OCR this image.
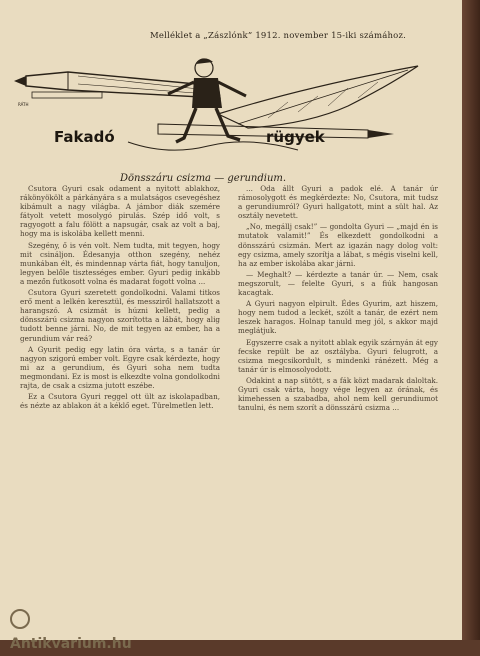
Melléklet a „Zászlónk” 1912. november 15-iki számához.
RÁTH
Fakadó	rügyek
Dönsszáru csizma — gerundium.

Csutora Gyuri csak odament a nyitott ablakhoz, rákönyökölt a párkányára s a mulatságos csevegéshez kibámult a nagy világba. A jámbor diák szemére fátyolt vetett mosolygó pirulás. Szép idő volt, s ragyogott a falu fölött a napsugár, csak az volt a baj, hogy ma is iskolába kellett menni.

Szegény, ő is vén volt. Nem tudta, mit tegyen, hogy mit csináljon. Édesanyja otthon szegény, nehéz munkában élt, és mindennap várta fiát, hogy tanuljon, legyen belőle tisztességes ember. Gyuri pedig inkább a mezőn futkosott volna és madarat fogott volna ...

Csutora Gyuri szeretett gondolkodni. Valami titkos erő ment a lelkén keresztül, és messziről hallatszott a harangszó. A csizmát is húzni kellett, pedig a dönsszárú csizma nagyon szorította a lábát, hogy alig tudott benne járni. No, de mit tegyen az ember, ha a gerundium vár reá?

A Gyurit pedig egy latin óra várta, s a tanár úr nagyon szigorú ember volt. Egyre csak kérdezte, hogy mi az a gerundium, és Gyuri soha nem tudta megmondani. Ez is most is elkezdte volna gondolkodni rajta, de csak a csizma jutott eszébe.

Ez a Csutora Gyuri reggel ott ült az iskolapadban, és nézte az ablakon át a kéklő eget. Türelmetlen lett.

... Oda állt Gyuri a padok elé. A tanár úr rámosolygott és megkérdezte: No, Csutora, mit tudsz a gerundiumról? Gyuri hallgatott, mint a sült hal. Az osztály nevetett.

„No, megállj csak!” — gondolta Gyuri — „majd én is mutatok valamit!” És elkezdett gondolkodni a dönsszárú csizmán. Mert az igazán nagy dolog volt: egy csizma, amely szorítja a lábat, s mégis viselni kell, ha az ember iskolába akar járni.

— Meghalt? — kérdezte a tanár úr. — Nem, csak megszorult, — felelte Gyuri, s a fiúk hangosan kacagtak.

A Gyuri nagyon elpirult. Édes Gyurim, azt hiszem, hogy nem tudod a leckét, szólt a tanár, de ezért nem leszek haragos. Holnap tanuld meg jól, s akkor majd meglátjuk.

Egyszerre csak a nyitott ablak egyik szárnyán át egy fecske repült be az osztályba. Gyuri felugrott, a csizma megcsikordult, s mindenki ránézett. Még a tanár úr is elmosolyodott.

Odakint a nap sütött, s a fák közt madarak daloltak. Gyuri csak várta, hogy vége legyen az órának, és kimehessen a szabadba, ahol nem kell gerundiumot tanulni, és nem szorít a dönsszárú csizma ...

Antikvarium.hu
